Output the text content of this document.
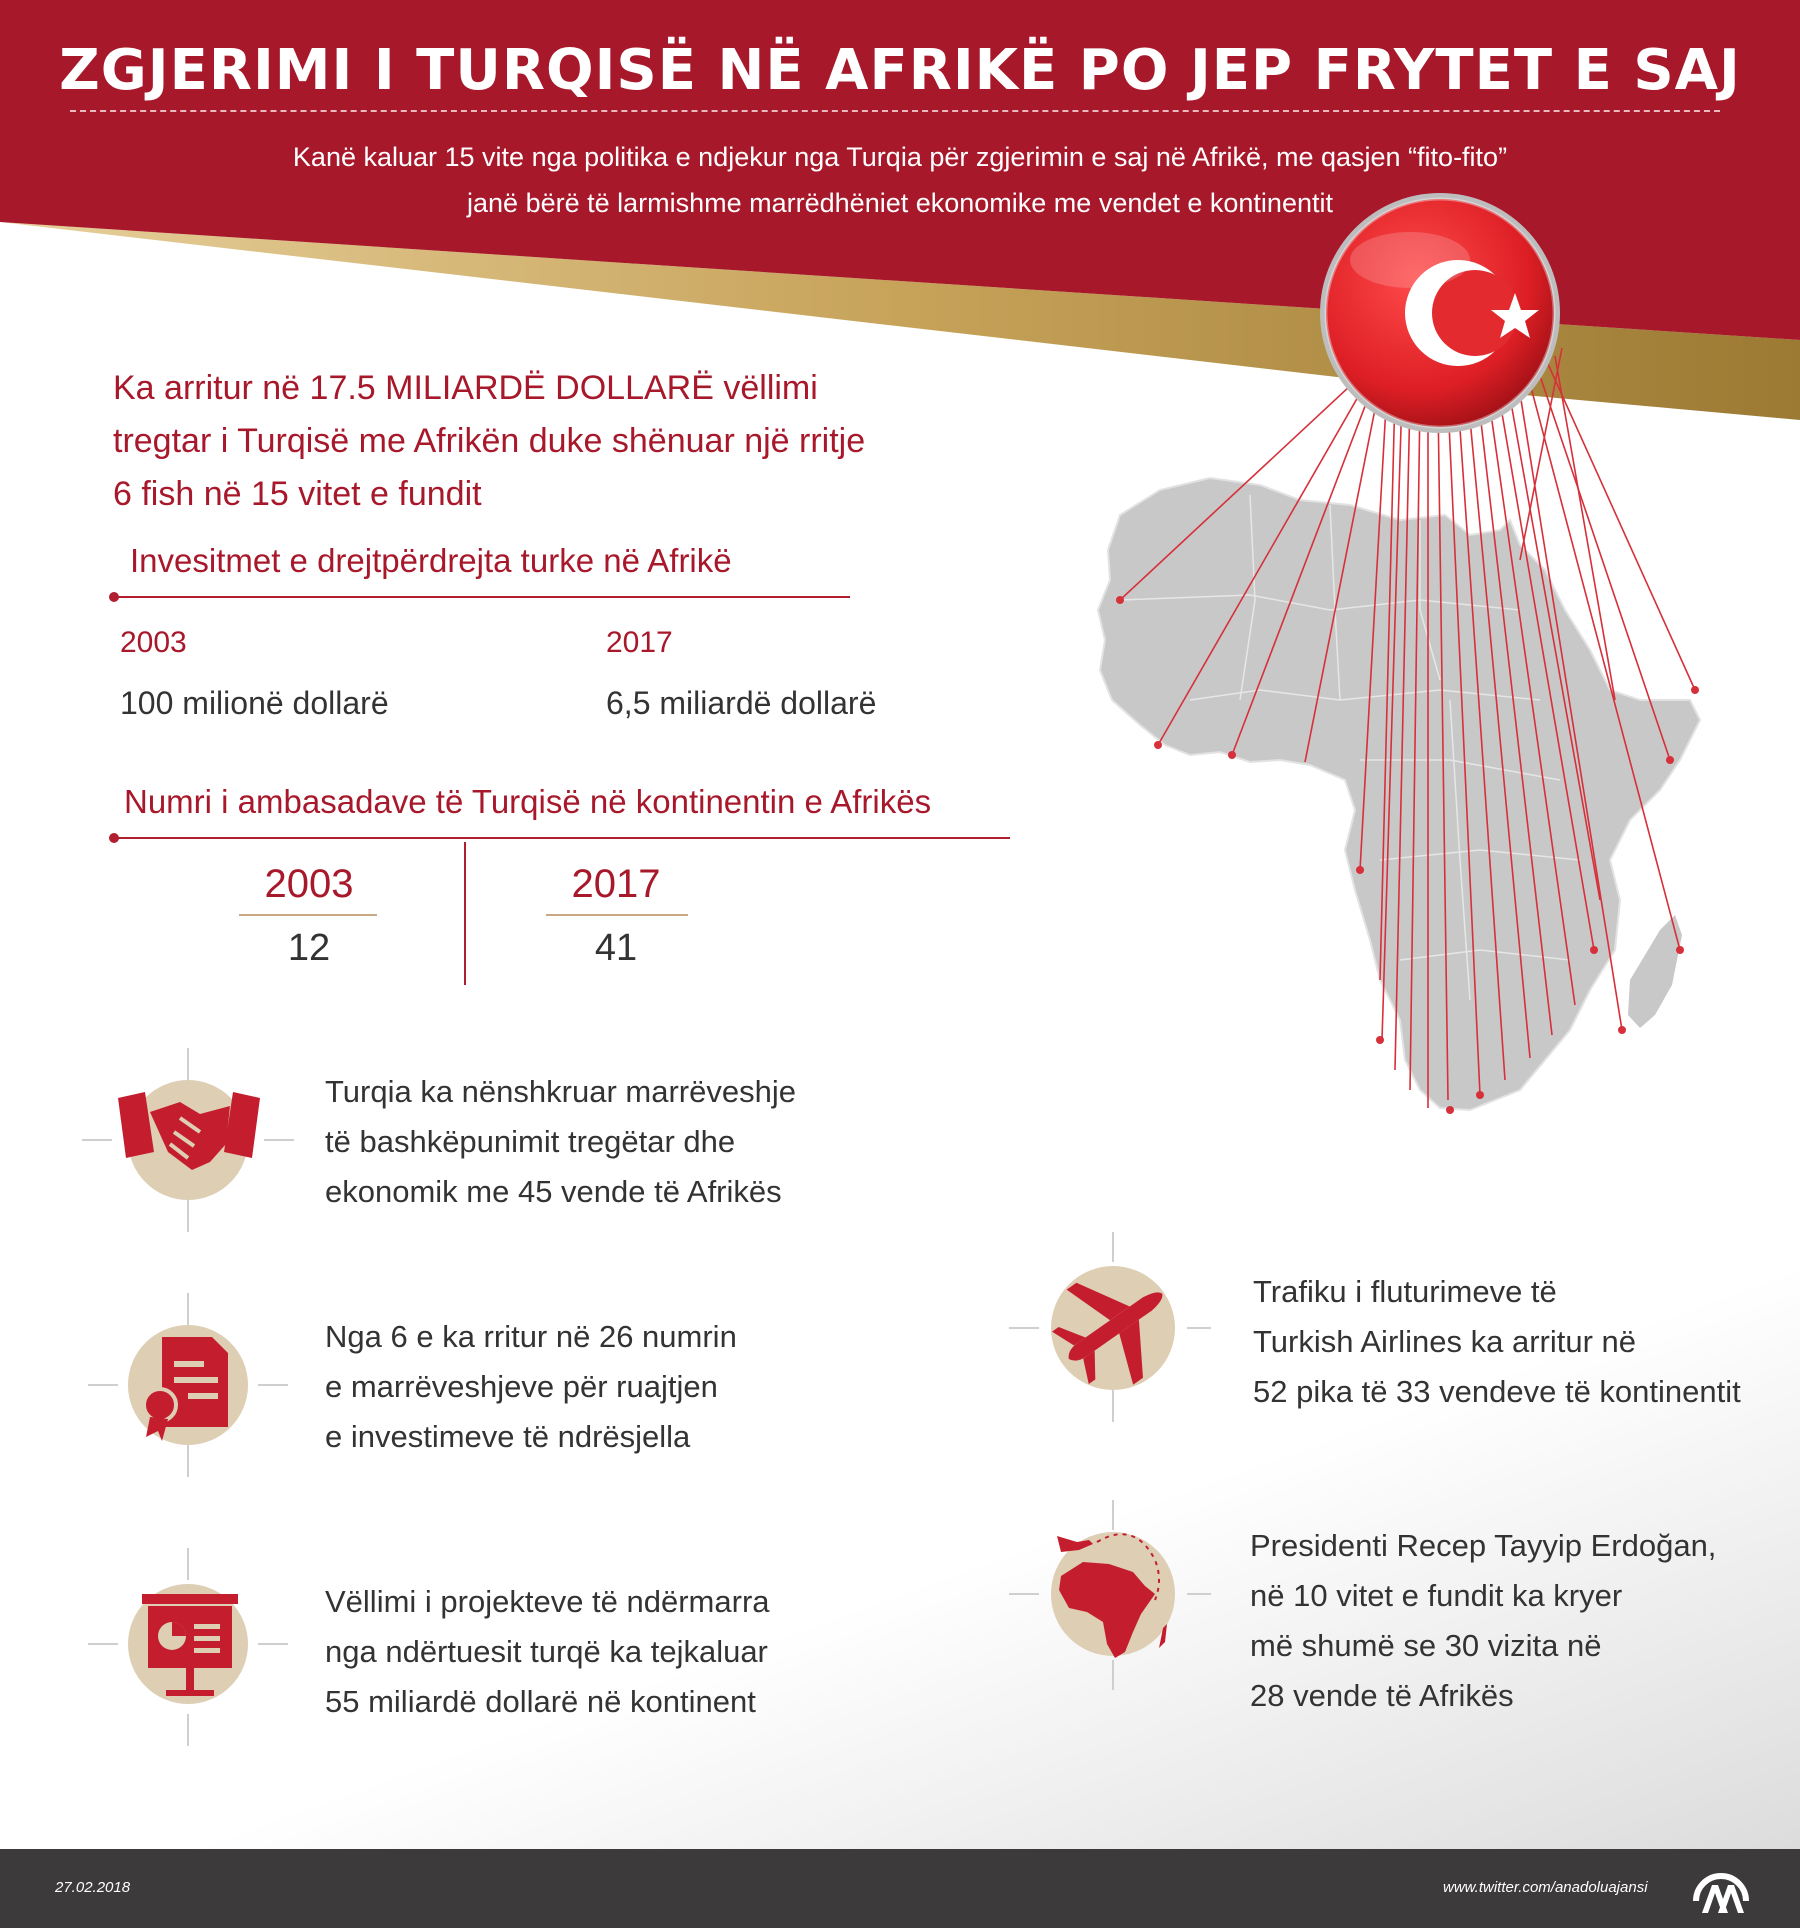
ZGJERIMI I TURQISË NË AFRIKË PO JEP FRYTET E SAJ
Kanë kaluar 15 vite nga politika e ndjekur nga Turqia për zgjerimin e saj në Afrikë, me qasjen “fito-fito”
janë bërë të larmishme marrëdhëniet ekonomike me vendet e kontinentit
Ka arritur në 17.5 MILIARDË DOLLARË vëllimi
tregtar i Turqisë me Afrikën duke shënuar një rritje
6 fish në 15 vitet e fundit
Invesitmet e drejtpërdrejta turke në Afrikë
2003
100 milionë dollarë
2017
6,5 miliardë dollarë
Numri i ambasadave të Turqisë në kontinentin e Afrikës
2003
12
2017
41
Turqia ka nënshkruar marrëveshje
të bashkëpunimit tregëtar dhe
ekonomik me 45 vende të Afrikës
Nga 6 e ka rritur në 26 numrin
e marrëveshjeve për ruajtjen
e investimeve të ndrësjella
Vëllimi i projekteve të ndërmarra
nga ndërtuesit turqë ka tejkaluar
55 miliardë dollarë në kontinent
Trafiku i fluturimeve të
Turkish Airlines ka arritur në
52 pika të 33 vendeve të kontinentit
Presidenti Recep Tayyip Erdoğan,
në 10 vitet e fundit ka kryer
më shumë se 30 vizita në
28 vende të Afrikës
27.02.2018	www.twitter.com/anadoluajansi
